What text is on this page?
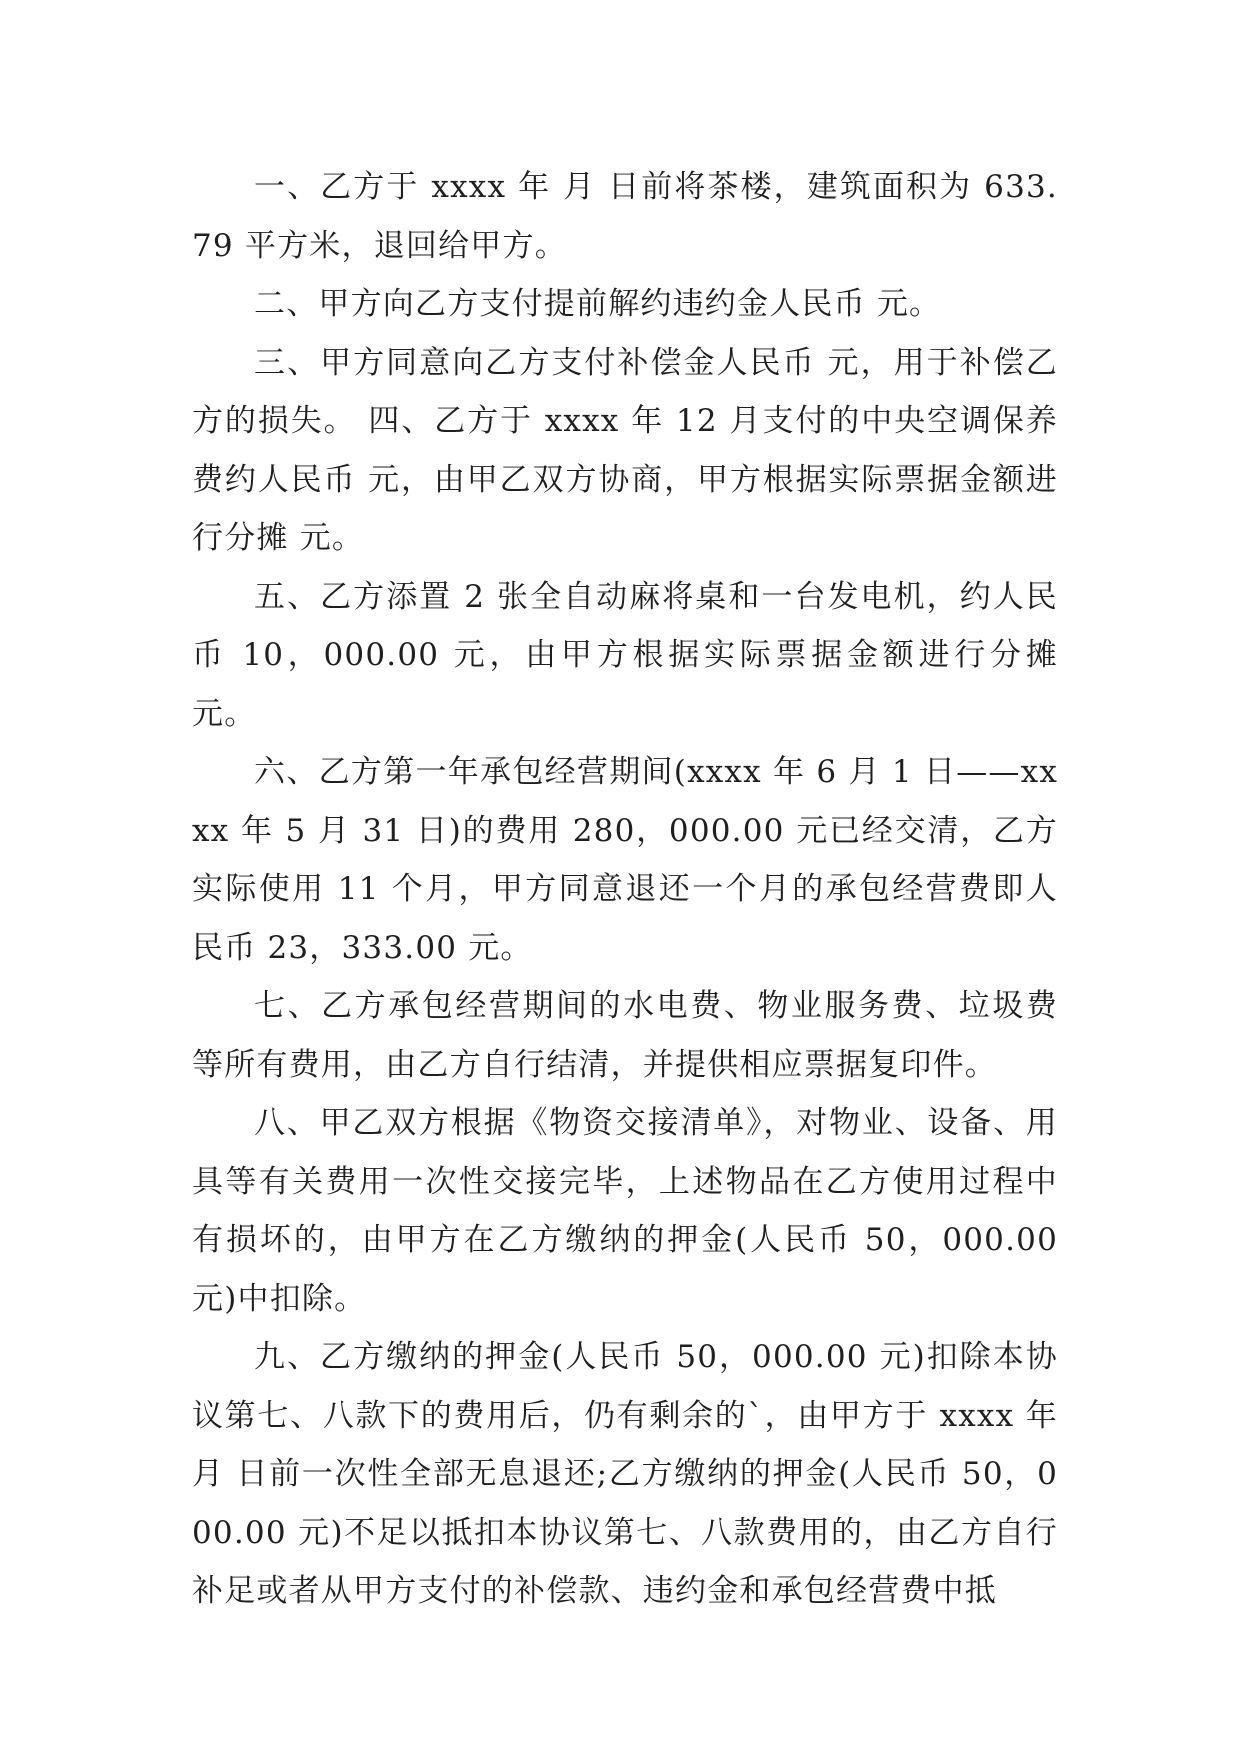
一、乙方于 xxxx 年 月 日前将茶楼，建筑面积为 633.79 平方米，退回给甲方。

二、甲方向乙方支付提前解约违约金人民币 元。

三、甲方同意向乙方支付补偿金人民币 元，用于补偿乙方的损失。 四、乙方于 xxxx 年 12 月支付的中央空调保养费约人民币 元，由甲乙双方协商，甲方根据实际票据金额进行分摊 元。

五、乙方添置 2 张全自动麻将桌和一台发电机，约人民币 10，000.00 元，由甲方根据实际票据金额进行分摊 元。

六、乙方第一年承包经营期间(xxxx 年 6 月 1 日——xxxx 年 5 月 31 日)的费用 280，000.00 元已经交清，乙方实际使用 11 个月，甲方同意退还一个月的承包经营费即人民币 23，333.00 元。

七、乙方承包经营期间的水电费、物业服务费、垃圾费等所有费用，由乙方自行结清，并提供相应票据复印件。

八、甲乙双方根据《物资交接清单》，对物业、设备、用具等有关费用一次性交接完毕，上述物品在乙方使用过程中有损坏的，由甲方在乙方缴纳的押金(人民币 50，000.00 元)中扣除。

九、乙方缴纳的押金(人民币 50，000.00 元)扣除本协议第七、八款下的费用后，仍有剩余的`，由甲方于 xxxx 年 月 日前一次性全部无息退还;乙方缴纳的押金(人民币 50，000.00 元)不足以抵扣本协议第七、八款费用的，由乙方自行补足或者从甲方支付的补偿款、违约金和承包经营费中抵
